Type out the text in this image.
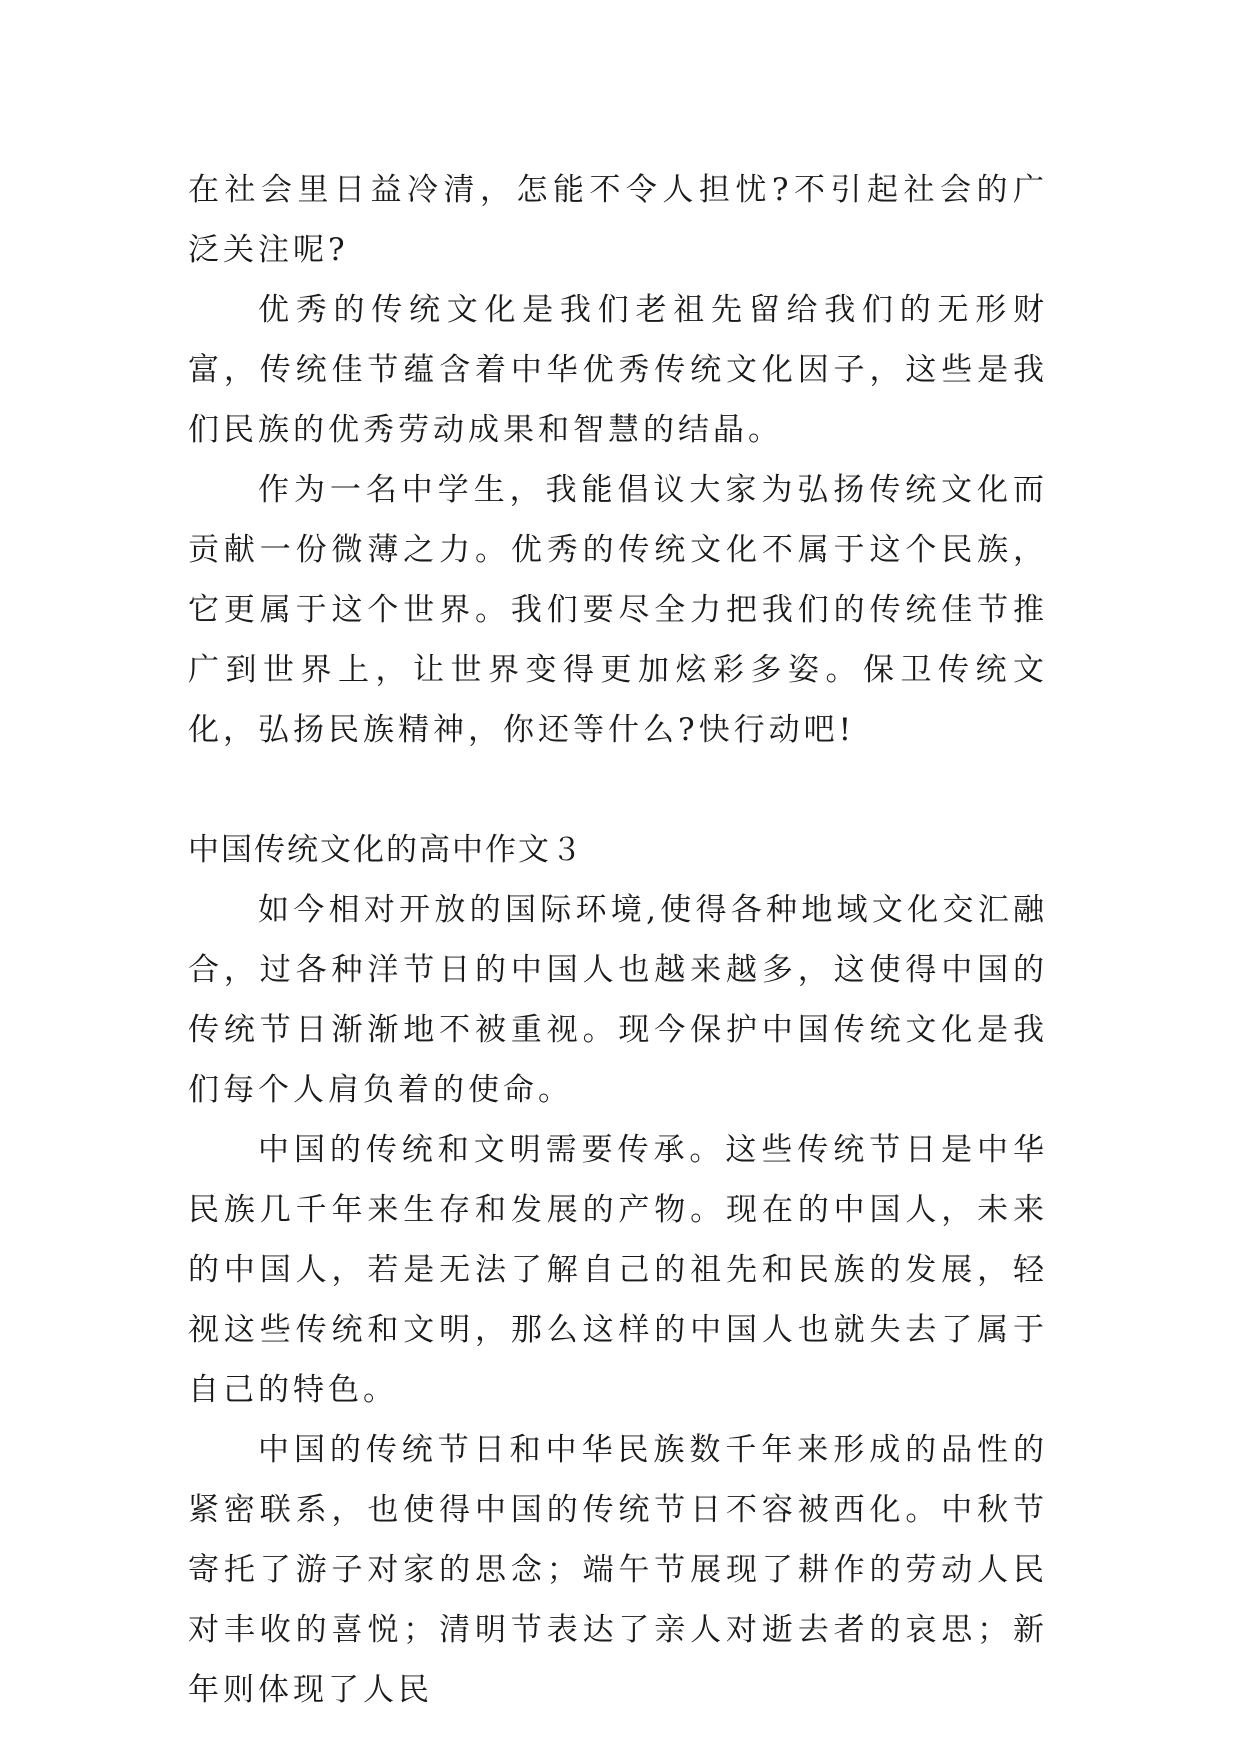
在社会里日益冷清，怎能不令人担忧?不引起社会的广泛关注呢?

优秀的传统文化是我们老祖先留给我们的无形财富，传统佳节蕴含着中华优秀传统文化因子，这些是我们民族的优秀劳动成果和智慧的结晶。

作为一名中学生，我能倡议大家为弘扬传统文化而贡献一份微薄之力。优秀的传统文化不属于这个民族，它更属于这个世界。我们要尽全力把我们的传统佳节推广到世界上，让世界变得更加炫彩多姿。保卫传统文化，弘扬民族精神，你还等什么?快行动吧!

中国传统文化的高中作文３

如今相对开放的国际环境,使得各种地域文化交汇融合，过各种洋节日的中国人也越来越多，这使得中国的传统节日渐渐地不被重视。现今保护中国传统文化是我们每个人肩负着的使命。

中国的传统和文明需要传承。这些传统节日是中华民族几千年来生存和发展的产物。现在的中国人，未来的中国人，若是无法了解自己的祖先和民族的发展，轻视这些传统和文明，那么这样的中国人也就失去了属于自己的特色。

中国的传统节日和中华民族数千年来形成的品性的紧密联系，也使得中国的传统节日不容被西化。中秋节寄托了游子对家的思念；端午节展现了耕作的劳动人民对丰收的喜悦；清明节表达了亲人对逝去者的哀思；新年则体现了人民
